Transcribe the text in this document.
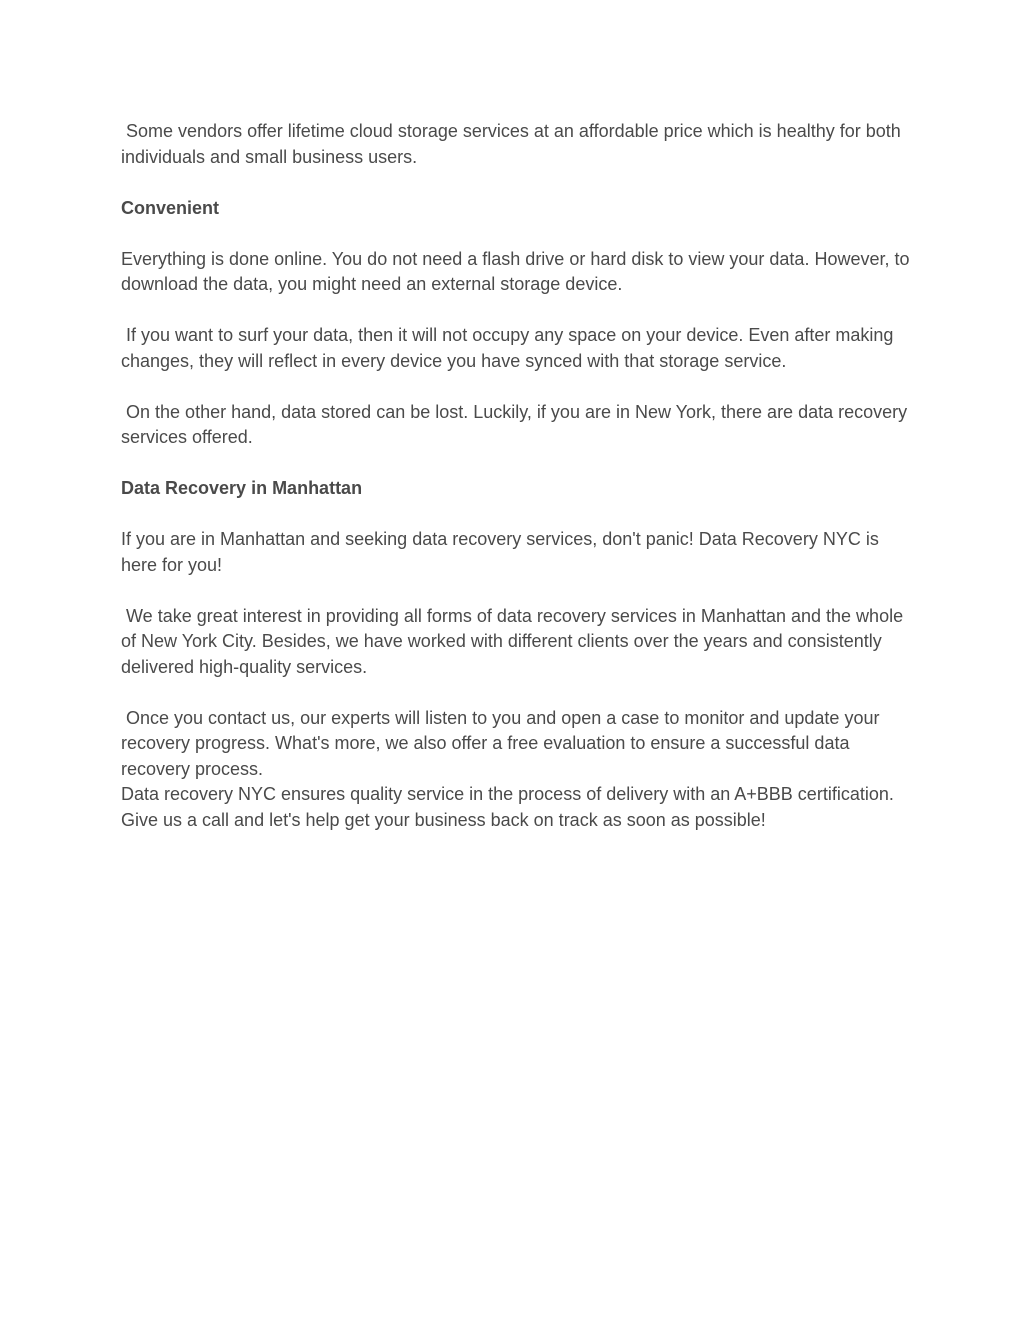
Some vendors offer lifetime cloud storage services at an affordable price which is healthy for both individuals and small business users.
Convenient
Everything is done online. You do not need a flash drive or hard disk to view your data. However, to download the data, you might need an external storage device.
If you want to surf your data, then it will not occupy any space on your device. Even after making changes, they will reflect in every device you have synced with that storage service.
On the other hand, data stored can be lost. Luckily, if you are in New York, there are data recovery services offered.
Data Recovery in Manhattan
If you are in Manhattan and seeking data recovery services, don't panic! Data Recovery NYC is here for you!
We take great interest in providing all forms of data recovery services in Manhattan and the whole of New York City. Besides, we have worked with different clients over the years and consistently delivered high-quality services.
Once you contact us, our experts will listen to you and open a case to monitor and update your recovery progress. What's more, we also offer a free evaluation to ensure a successful data recovery process.
Data recovery NYC ensures quality service in the process of delivery with an A+BBB certification. Give us a call and let's help get your business back on track as soon as possible!
